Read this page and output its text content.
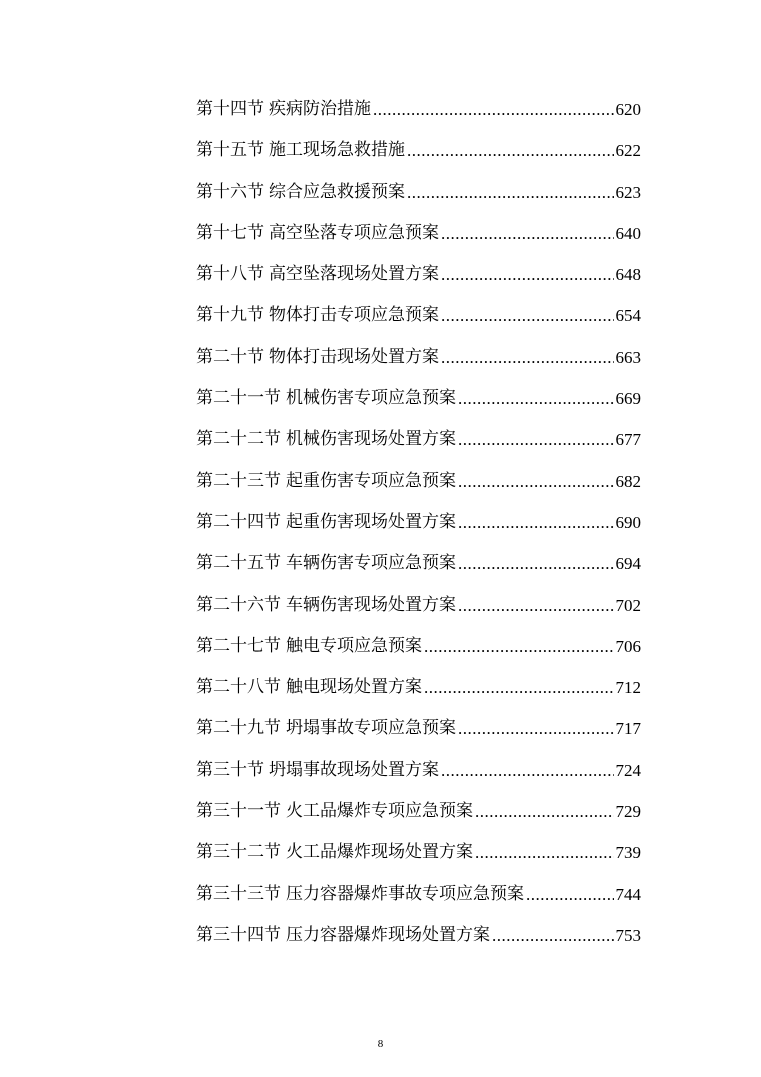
第十四节 疾病防治措施 .....	620
第十五节 施工现场急救措施 .....	622
第十六节 综合应急救援预案 .....	623
第十七节 高空坠落专项应急预案 .....	640
第十八节 高空坠落现场处置方案 .....	648
第十九节 物体打击专项应急预案 .....	654
第二十节 物体打击现场处置方案 .....	663
第二十一节 机械伤害专项应急预案 .....	669
第二十二节 机械伤害现场处置方案 .....	677
第二十三节 起重伤害专项应急预案 .....	682
第二十四节 起重伤害现场处置方案 .....	690
第二十五节 车辆伤害专项应急预案 .....	694
第二十六节 车辆伤害现场处置方案 .....	702
第二十七节 触电专项应急预案 .....	706
第二十八节 触电现场处置方案 .....	712
第二十九节 坍塌事故专项应急预案 .....	717
第三十节 坍塌事故现场处置方案 .....	724
第三十一节 火工品爆炸专项应急预案 .....	729
第三十二节 火工品爆炸现场处置方案 .....	739
第三十三节 压力容器爆炸事故专项应急预案 .....	744
第三十四节 压力容器爆炸现场处置方案 .....	753
8
